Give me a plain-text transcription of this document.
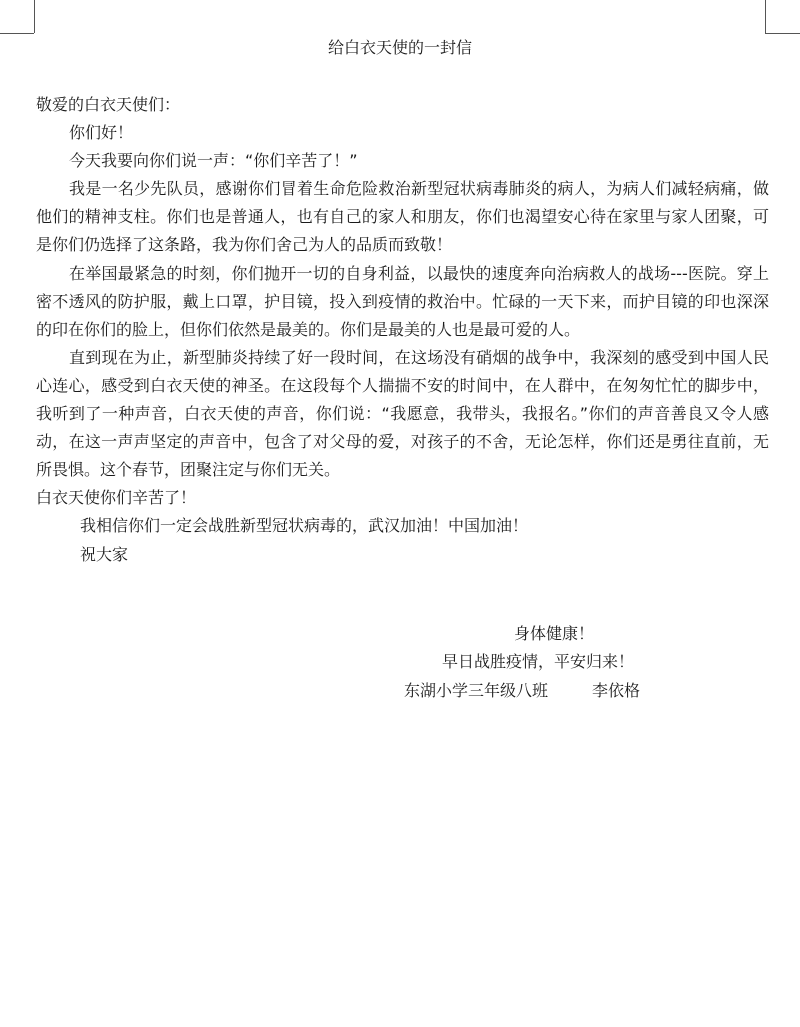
给白衣天使的一封信

敬爱的白衣天使们：

你们好！

今天我要向你们说一声：“你们辛苦了！”

我是一名少先队员，感谢你们冒着生命危险救治新型冠状病毒肺炎的病人，为病人们减轻病痛，做他们的精神支柱。你们也是普通人，也有自己的家人和朋友，你们也渴望安心待在家里与家人团聚，可是你们仍选择了这条路，我为你们舍己为人的品质而致敬！

在举国最紧急的时刻，你们抛开一切的自身利益，以最快的速度奔向治病救人的战场---医院。穿上密不透风的防护服，戴上口罩，护目镜，投入到疫情的救治中。忙碌的一天下来，而护目镜的印也深深的印在你们的脸上，但你们依然是最美的。你们是最美的人也是最可爱的人。

直到现在为止，新型肺炎持续了好一段时间，在这场没有硝烟的战争中，我深刻的感受到中国人民心连心，感受到白衣天使的神圣。在这段每个人揣揣不安的时间中，在人群中，在匆匆忙忙的脚步中，我听到了一种声音，白衣天使的声音，你们说：“我愿意，我带头，我报名。”你们的声音善良又令人感动，在这一声声坚定的声音中，包含了对父母的爱，对孩子的不舍，无论怎样，你们还是勇往直前，无所畏惧。这个春节，团聚注定与你们无关。

白衣天使你们辛苦了！

我相信你们一定会战胜新型冠状病毒的，武汉加油！中国加油！

祝大家

身体健康！
早日战胜疫情，平安归来！
东湖小学三年级八班	李依格
